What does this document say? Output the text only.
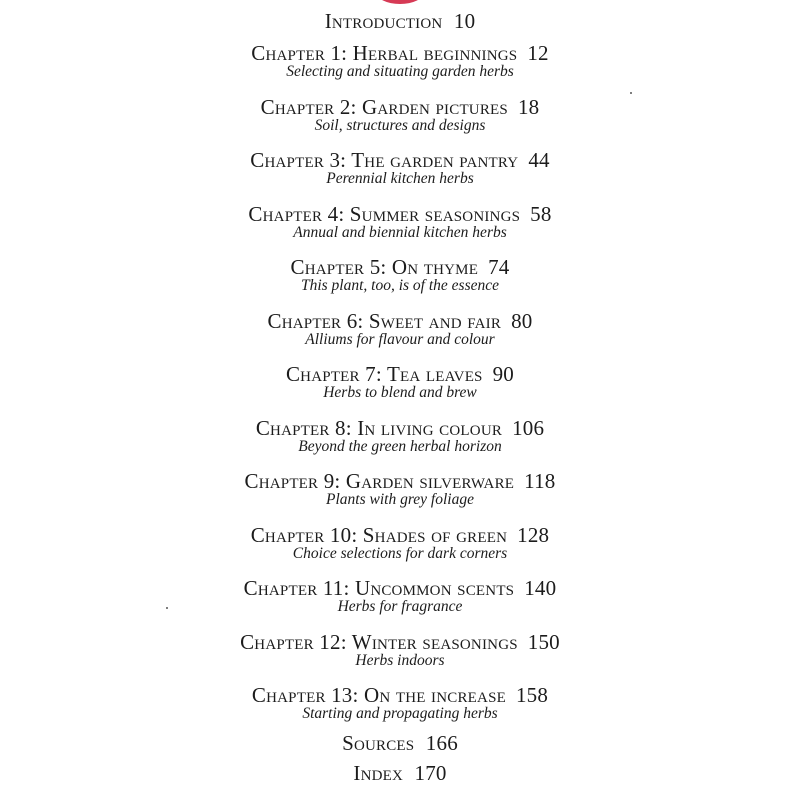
Introduction 10
Chapter 1: Herbal beginnings 12
Selecting and situating garden herbs
Chapter 2: Garden pictures 18
Soil, structures and designs
Chapter 3: The garden pantry 44
Perennial kitchen herbs
Chapter 4: Summer seasonings 58
Annual and biennial kitchen herbs
Chapter 5: On thyme 74
This plant, too, is of the essence
Chapter 6: Sweet and fair 80
Alliums for flavour and colour
Chapter 7: Tea leaves 90
Herbs to blend and brew
Chapter 8: In living colour 106
Beyond the green herbal horizon
Chapter 9: Garden silverware 118
Plants with grey foliage
Chapter 10: Shades of green 128
Choice selections for dark corners
Chapter 11: Uncommon scents 140
Herbs for fragrance
Chapter 12: Winter seasonings 150
Herbs indoors
Chapter 13: On the increase 158
Starting and propagating herbs
Sources 166
Index 170
